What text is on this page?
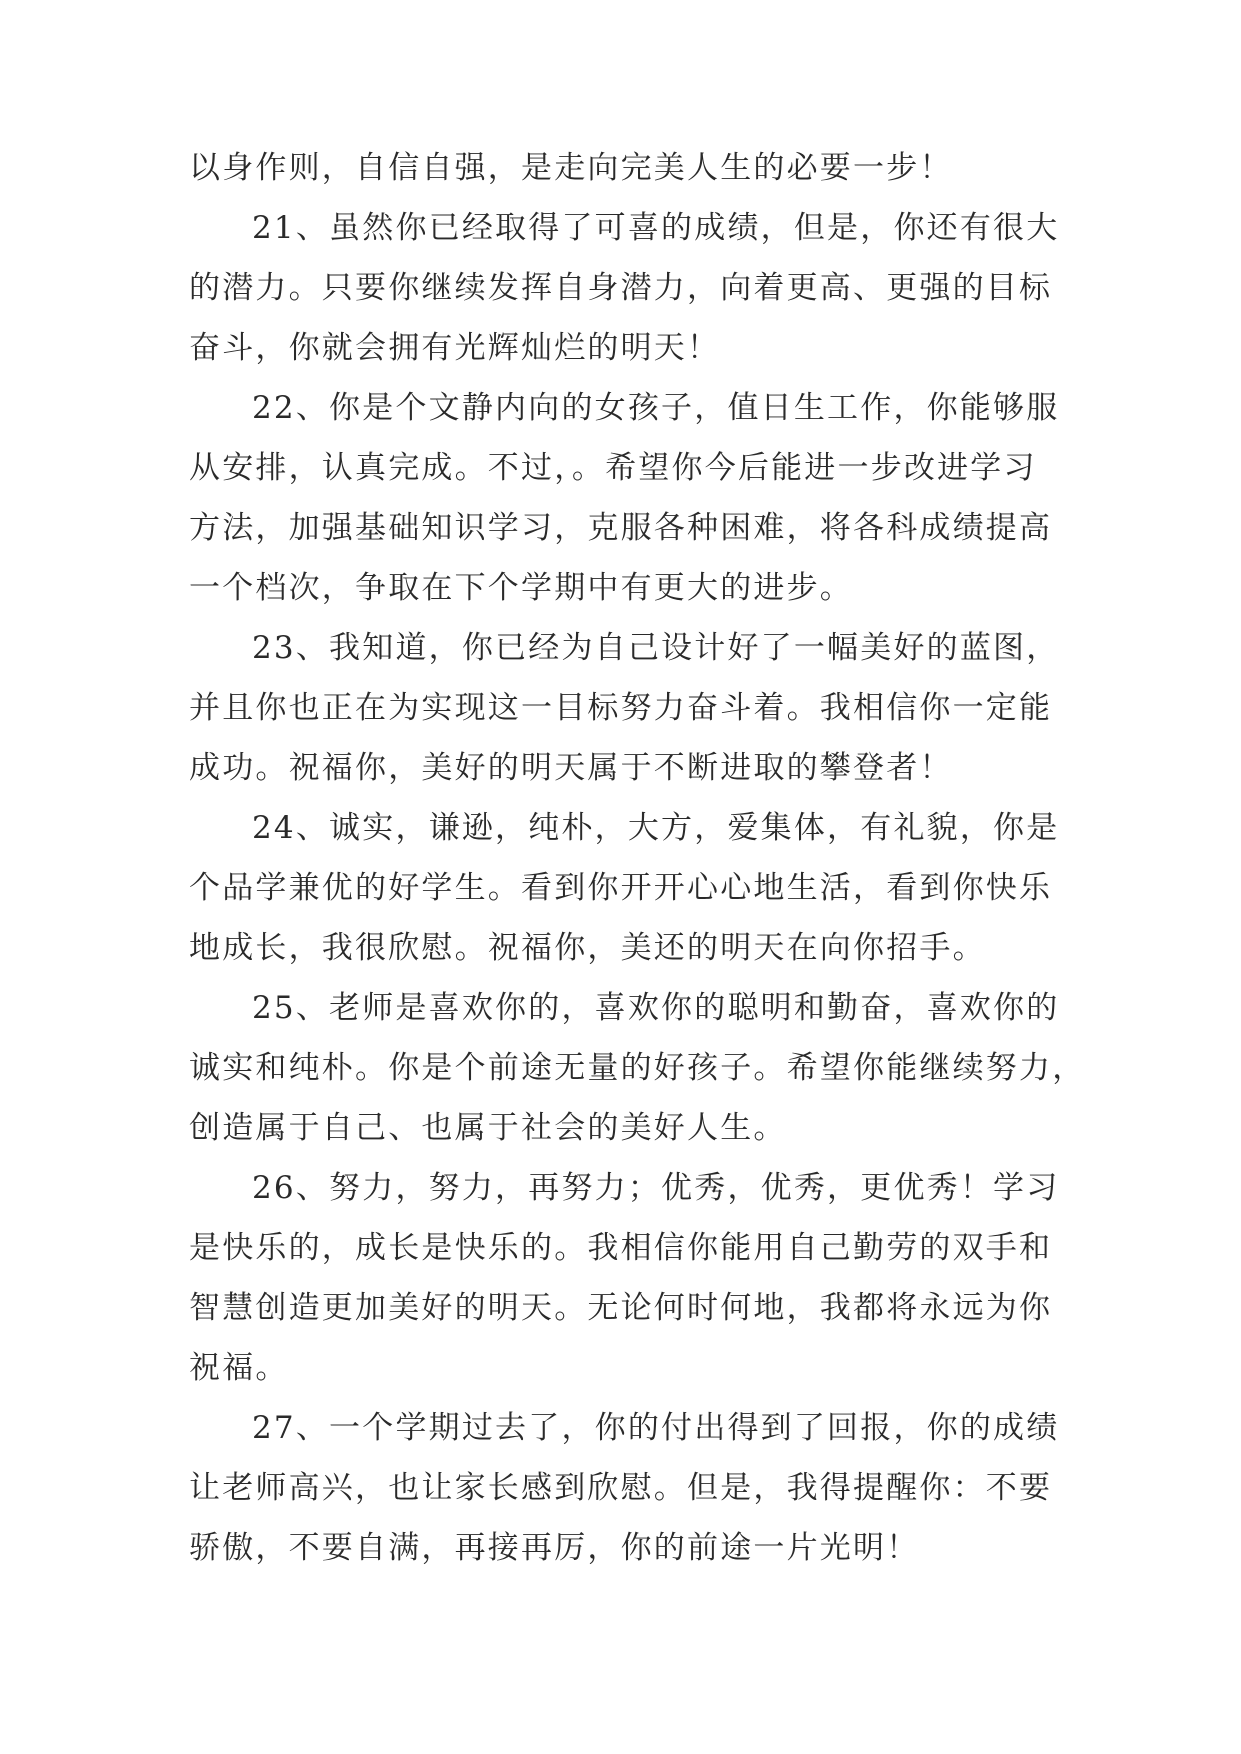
以身作则，自信自强，是走向完美人生的必要一步！
21、虽然你已经取得了可喜的成绩，但是，你还有很大
的潜力。只要你继续发挥自身潜力，向着更高、更强的目标
奋斗，你就会拥有光辉灿烂的明天！
22、你是个文静内向的女孩子，值日生工作，你能够服
从安排，认真完成。不过，。希望你今后能进一步改进学习
方法，加强基础知识学习，克服各种困难，将各科成绩提高
一个档次，争取在下个学期中有更大的进步。
23、我知道，你已经为自己设计好了一幅美好的蓝图，
并且你也正在为实现这一目标努力奋斗着。我相信你一定能
成功。祝福你，美好的明天属于不断进取的攀登者！
24、诚实，谦逊，纯朴，大方，爱集体，有礼貌，你是
个品学兼优的好学生。看到你开开心心地生活，看到你快乐
地成长，我很欣慰。祝福你，美还的明天在向你招手。
25、老师是喜欢你的，喜欢你的聪明和勤奋，喜欢你的
诚实和纯朴。你是个前途无量的好孩子。希望你能继续努力，
创造属于自己、也属于社会的美好人生。
26、努力，努力，再努力；优秀，优秀，更优秀！学习
是快乐的，成长是快乐的。我相信你能用自己勤劳的双手和
智慧创造更加美好的明天。无论何时何地，我都将永远为你
祝福。
27、一个学期过去了，你的付出得到了回报，你的成绩
让老师高兴，也让家长感到欣慰。但是，我得提醒你：不要
骄傲，不要自满，再接再厉，你的前途一片光明！
